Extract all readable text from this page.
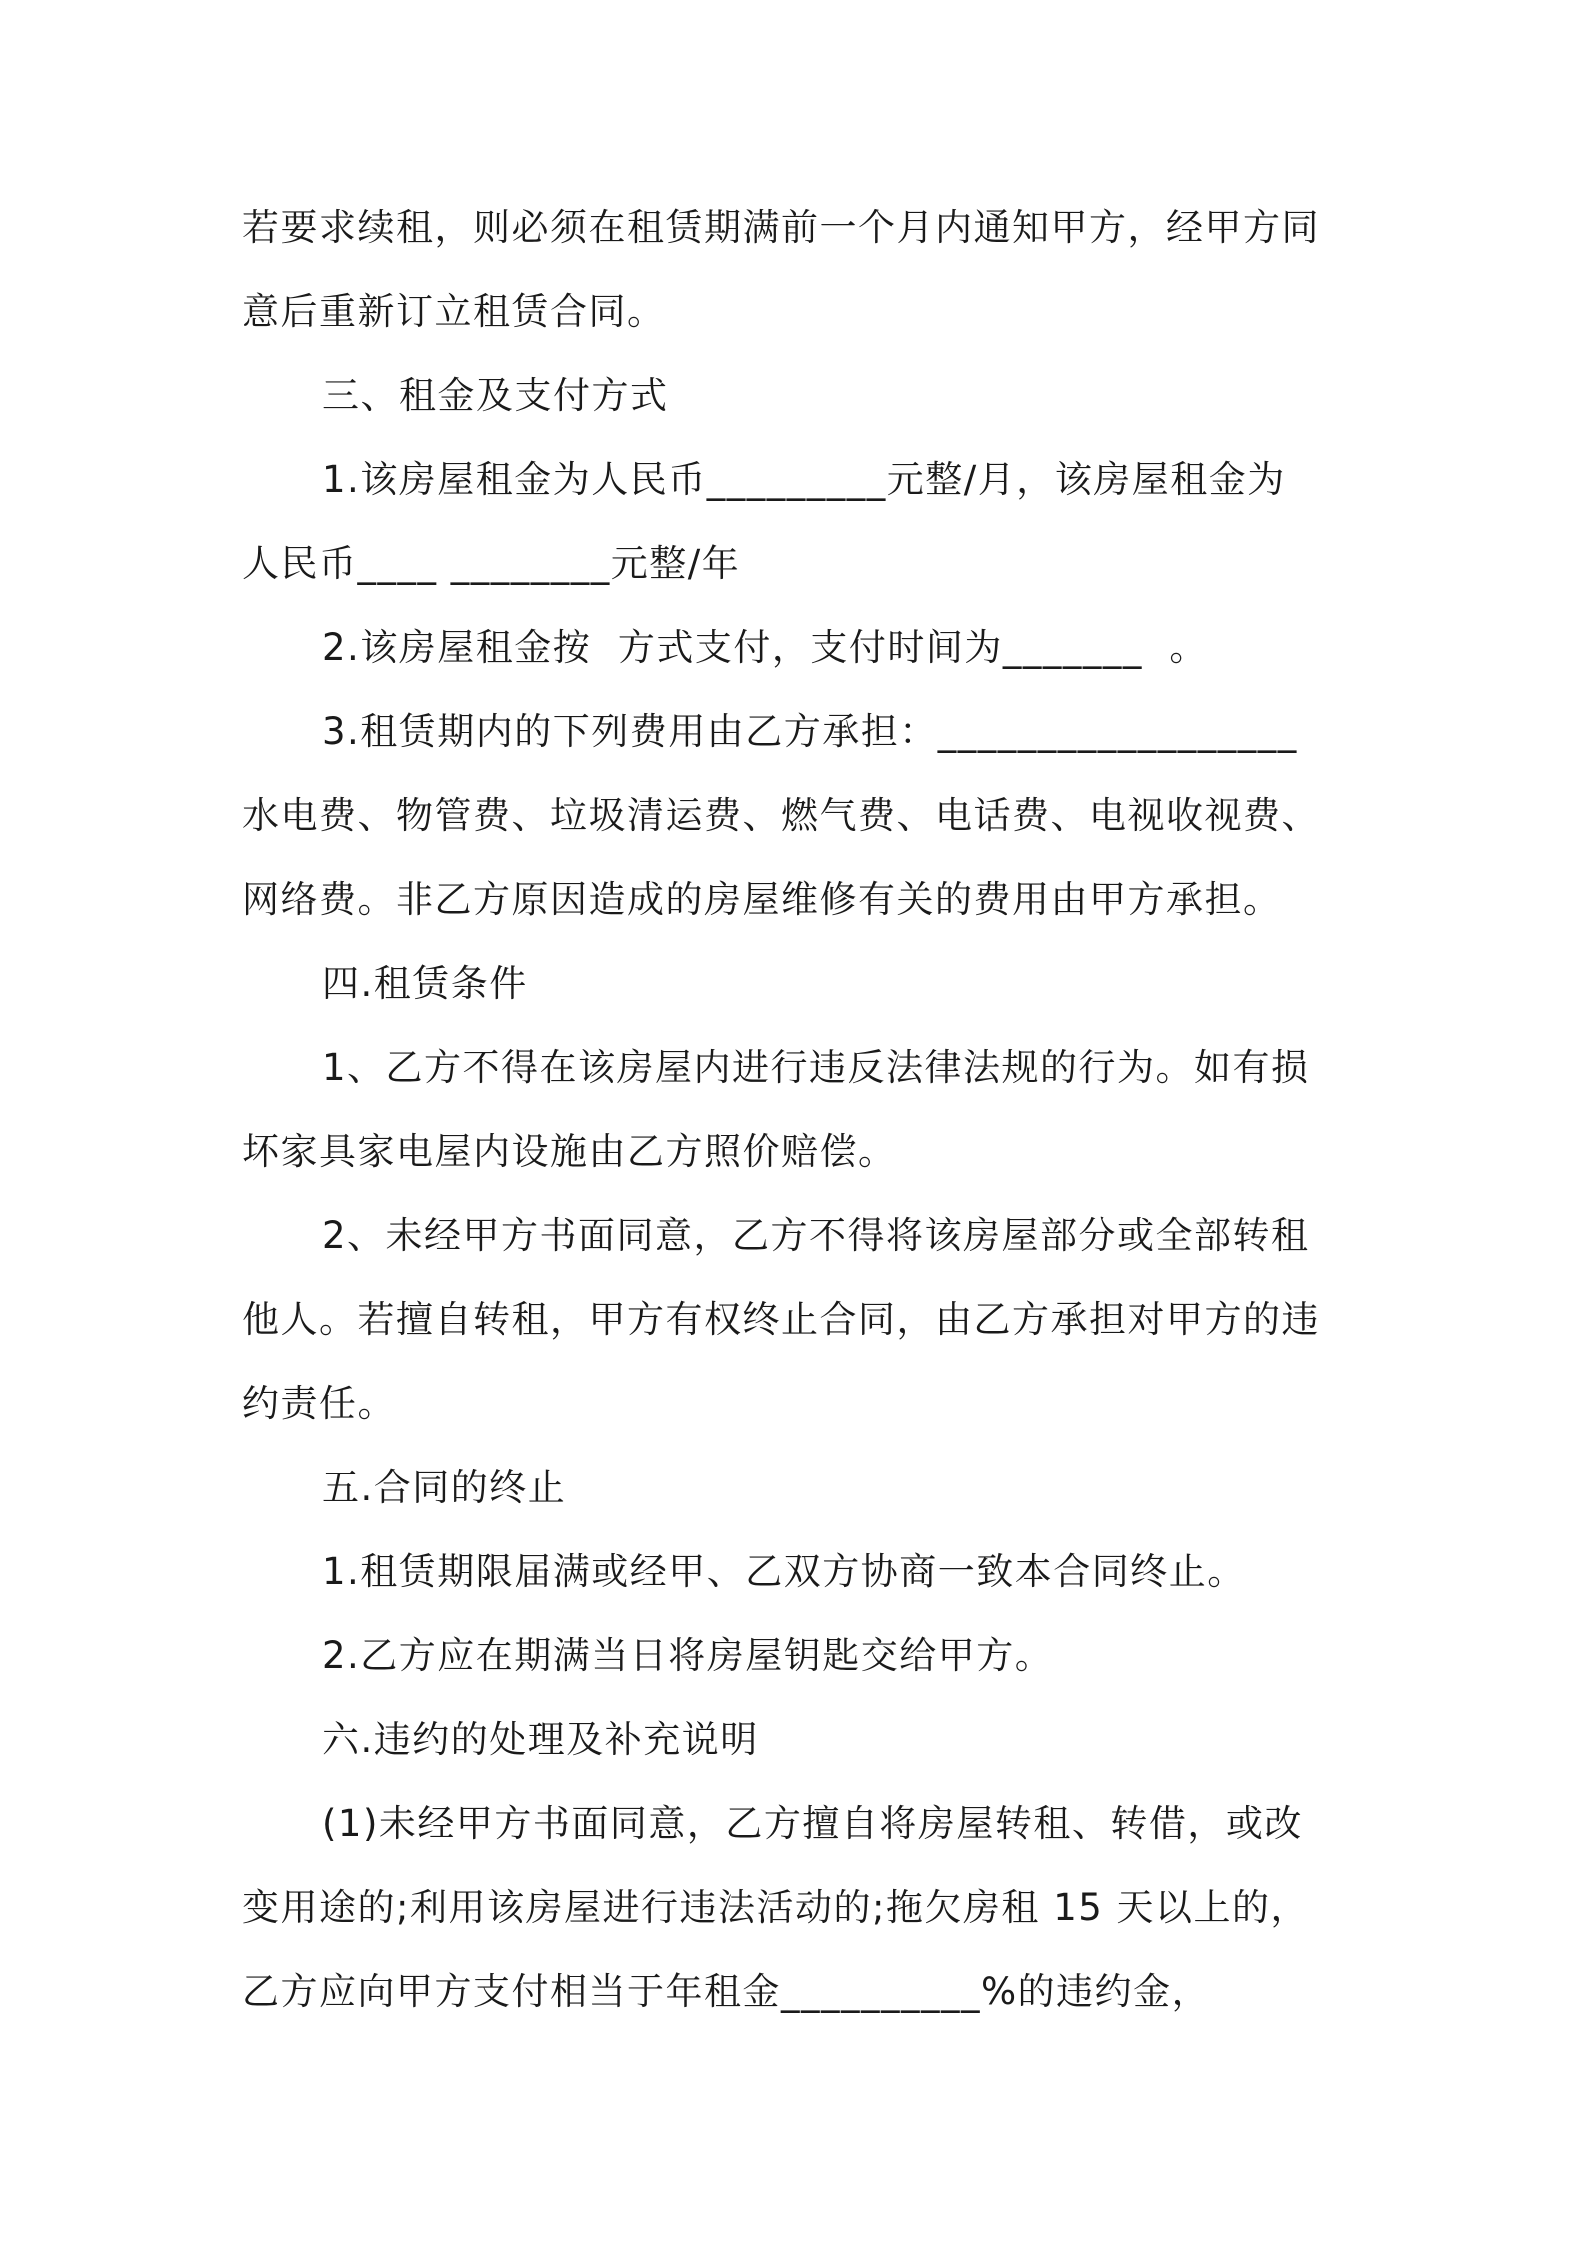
若要求续租，则必须在租赁期满前一个月内通知甲方，经甲方同
意后重新订立租赁合同。
三、租金及支付方式
1.该房屋租金为人民币_________元整/月，该房屋租金为
人民币____ ________元整/年
2.该房屋租金按  方式支付，支付时间为_______  。
3.租赁期内的下列费用由乙方承担：__________________
水电费、物管费、垃圾清运费、燃气费、电话费、电视收视费、
网络费。非乙方原因造成的房屋维修有关的费用由甲方承担。
四.租赁条件
1、乙方不得在该房屋内进行违反法律法规的行为。如有损
坏家具家电屋内设施由乙方照价赔偿。
2、未经甲方书面同意，乙方不得将该房屋部分或全部转租
他人。若擅自转租，甲方有权终止合同，由乙方承担对甲方的违
约责任。
五.合同的终止
1.租赁期限届满或经甲、乙双方协商一致本合同终止。
2.乙方应在期满当日将房屋钥匙交给甲方。
六.违约的处理及补充说明
(1)未经甲方书面同意，乙方擅自将房屋转租、转借，或改
变用途的;利用该房屋进行违法活动的;拖欠房租 15 天以上的，
乙方应向甲方支付相当于年租金__________%的违约金，
